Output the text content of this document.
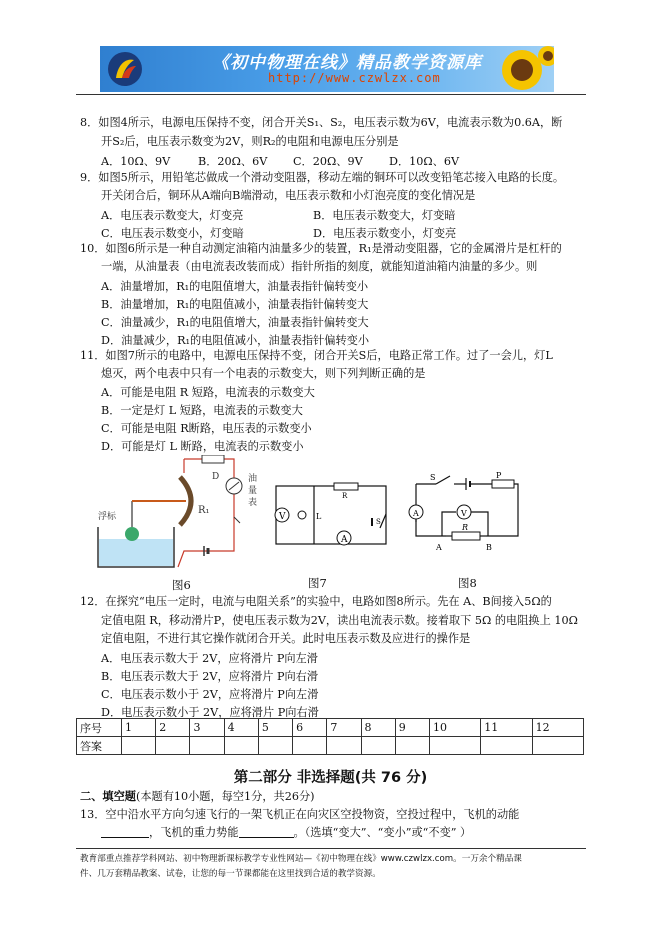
《初中物理在线》精品教学资源库
http://www.czwlzx.com
8．如图4所示，电源电压保持不变，闭合开关S₁、S₂，电压表示数为6V，电流表示数为0.6A，断
开S₂后，电压表示数变为2V，则R₂的电阻和电源电压分别是
A．10Ω、9V B．20Ω、6V C．20Ω、9V D．10Ω、6V
9．如图5所示，用铅笔芯做成一个滑动变阻器，移动左端的铜环可以改变铅笔芯接入电路的长度。
开关闭合后，铜环从A端向B端滑动，电压表示数和小灯泡亮度的变化情况是
A．电压表示数变大，灯变亮	B．电压表示数变大，灯变暗
C．电压表示数变小，灯变暗	D．电压表示数变小，灯变亮
10．如图6所示是一种自动测定油箱内油量多少的装置，R₁是滑动变阻器，它的金属滑片是杠杆的
一端，从油量表（由电流表改装而成）指针所指的刻度，就能知道油箱内油量的多少。则
A．油量增加，R₁的电阻值增大，油量表指针偏转变小
B．油量增加，R₁的电阻值减小，油量表指针偏转变大
C．油量减少，R₁的电阻值增大，油量表指针偏转变大
D．油量减少，R₁的电阻值减小，油量表指针偏转变小
11．如图7所示的电路中，电源电压保持不变，闭合开关S后，电路正常工作。过了一会儿，灯L
熄灭，两个电表中只有一个电表的示数变大，则下列判断正确的是
A．可能是电阻 R 短路，电流表的示数变大
B．一定是灯 L 短路，电流表的示数变大
C．可能是电阻 R断路，电压表的示数变小
D．可能是灯 L 断路，电流表的示数变小
浮标
油
量
表
R₁
D
图6
V	L
A
R
S
图7
A	V
S	P
R
A	B
图8
12．在探究“电压一定时，电流与电阻关系”的实验中，电路如图8所示。先在 A、B间接入5Ω的
定值电阻 R，移动滑片P，使电压表示数为2V，读出电流表示数。接着取下 5Ω 的电阻换上 10Ω
定值电阻，不进行其它操作就闭合开关。此时电压表示数及应进行的操作是
A．电压表示数大于 2V，应将滑片 P向左滑
B．电压表示数大于 2V，应将滑片 P向右滑
C．电压表示数小于 2V，应将滑片 P向左滑
D．电压表示数小于 2V，应将滑片 P向右滑
序号	1	2	3	4	5	6	7	8	9	10	11	12
答案												
第二部分 非选择题(共 76 分)
二、填空题(本题有10小题，每空1分，共26分)
13．空中沿水平方向匀速飞行的一架飞机正在向灾区空投物资，空投过程中，飞机的动能
，飞机的重力势能	。（选填“变大”、“变小”或“不变” ）
教育部重点推荐学科网站、初中物理新课标教学专业性网站—《初中物理在线》www.czwlzx.com。一万余个精品课
件、几万套精品教案、试卷，让您的每一节课都能在这里找到合适的教学资源。
